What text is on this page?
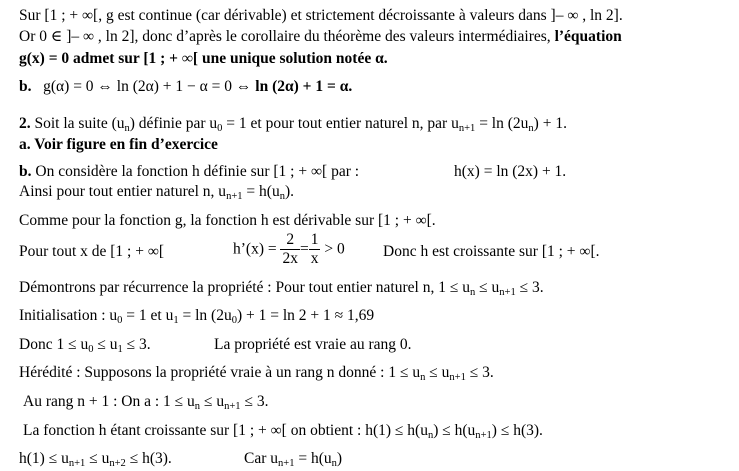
Sur [1 ; + ∞[, g est continue (car dérivable) et strictement décroissante à valeurs dans ]– ∞ , ln 2].
Or 0 ∈ ]– ∞ , ln 2], donc d’après le corollaire du théorème des valeurs intermédiaires, l’équation
g(x) = 0 admet sur [1 ; + ∞[ une unique solution notée α.
b. g(α) = 0 ⇔ ln (2α) + 1 − α = 0 ⇔ ln (2α) + 1 = α.
2. Soit la suite $(u_n)$ définie par $u_0 = 1$ et pour tout entier naturel n, par $u_{n+1} = \ln (2u_n) + 1$.
a. Voir figure en fin d’exercice
b. On considère la fonction h définie sur [1 ; + ∞[ par :	h(x) = ln (2x) + 1.
Ainsi pour tout entier naturel n, $u_{n+1} = h(u_n)$.
Comme pour la fonction g, la fonction h est dérivable sur [1 ; + ∞[.
Pour tout x de [1 ; + ∞[	h’(x) = $\frac{2}{2x} = \frac{1}{x} > 0$ Donc h est croissante sur [1 ; + ∞[.
Démontrons par récurrence la propriété : Pour tout entier naturel n, $1 \le u_n \le u_{n+1} \le 3$.
Initialisation : $u_0 = 1$ et $u_1 = \ln (2u_0) + 1 = \ln 2 + 1 \approx 1,69$
Donc $1 \le u_0 \le u_1 \le 3$.	La propriété est vraie au rang 0.
Hérédité : Supposons la propriété vraie à un rang n donné : $1 \le u_n \le u_{n+1} \le 3$.
Au rang n + 1 : On a : $1 \le u_n \le u_{n+1} \le 3$.
La fonction h étant croissante sur [1 ; + ∞[ on obtient : $h(1) \le h(u_n) \le h(u_{n+1}) \le h(3)$.
$h(1) \le u_{n+1} \le u_{n+2} \le h(3)$.	Car $u_{n+1} = h(u_n)$
